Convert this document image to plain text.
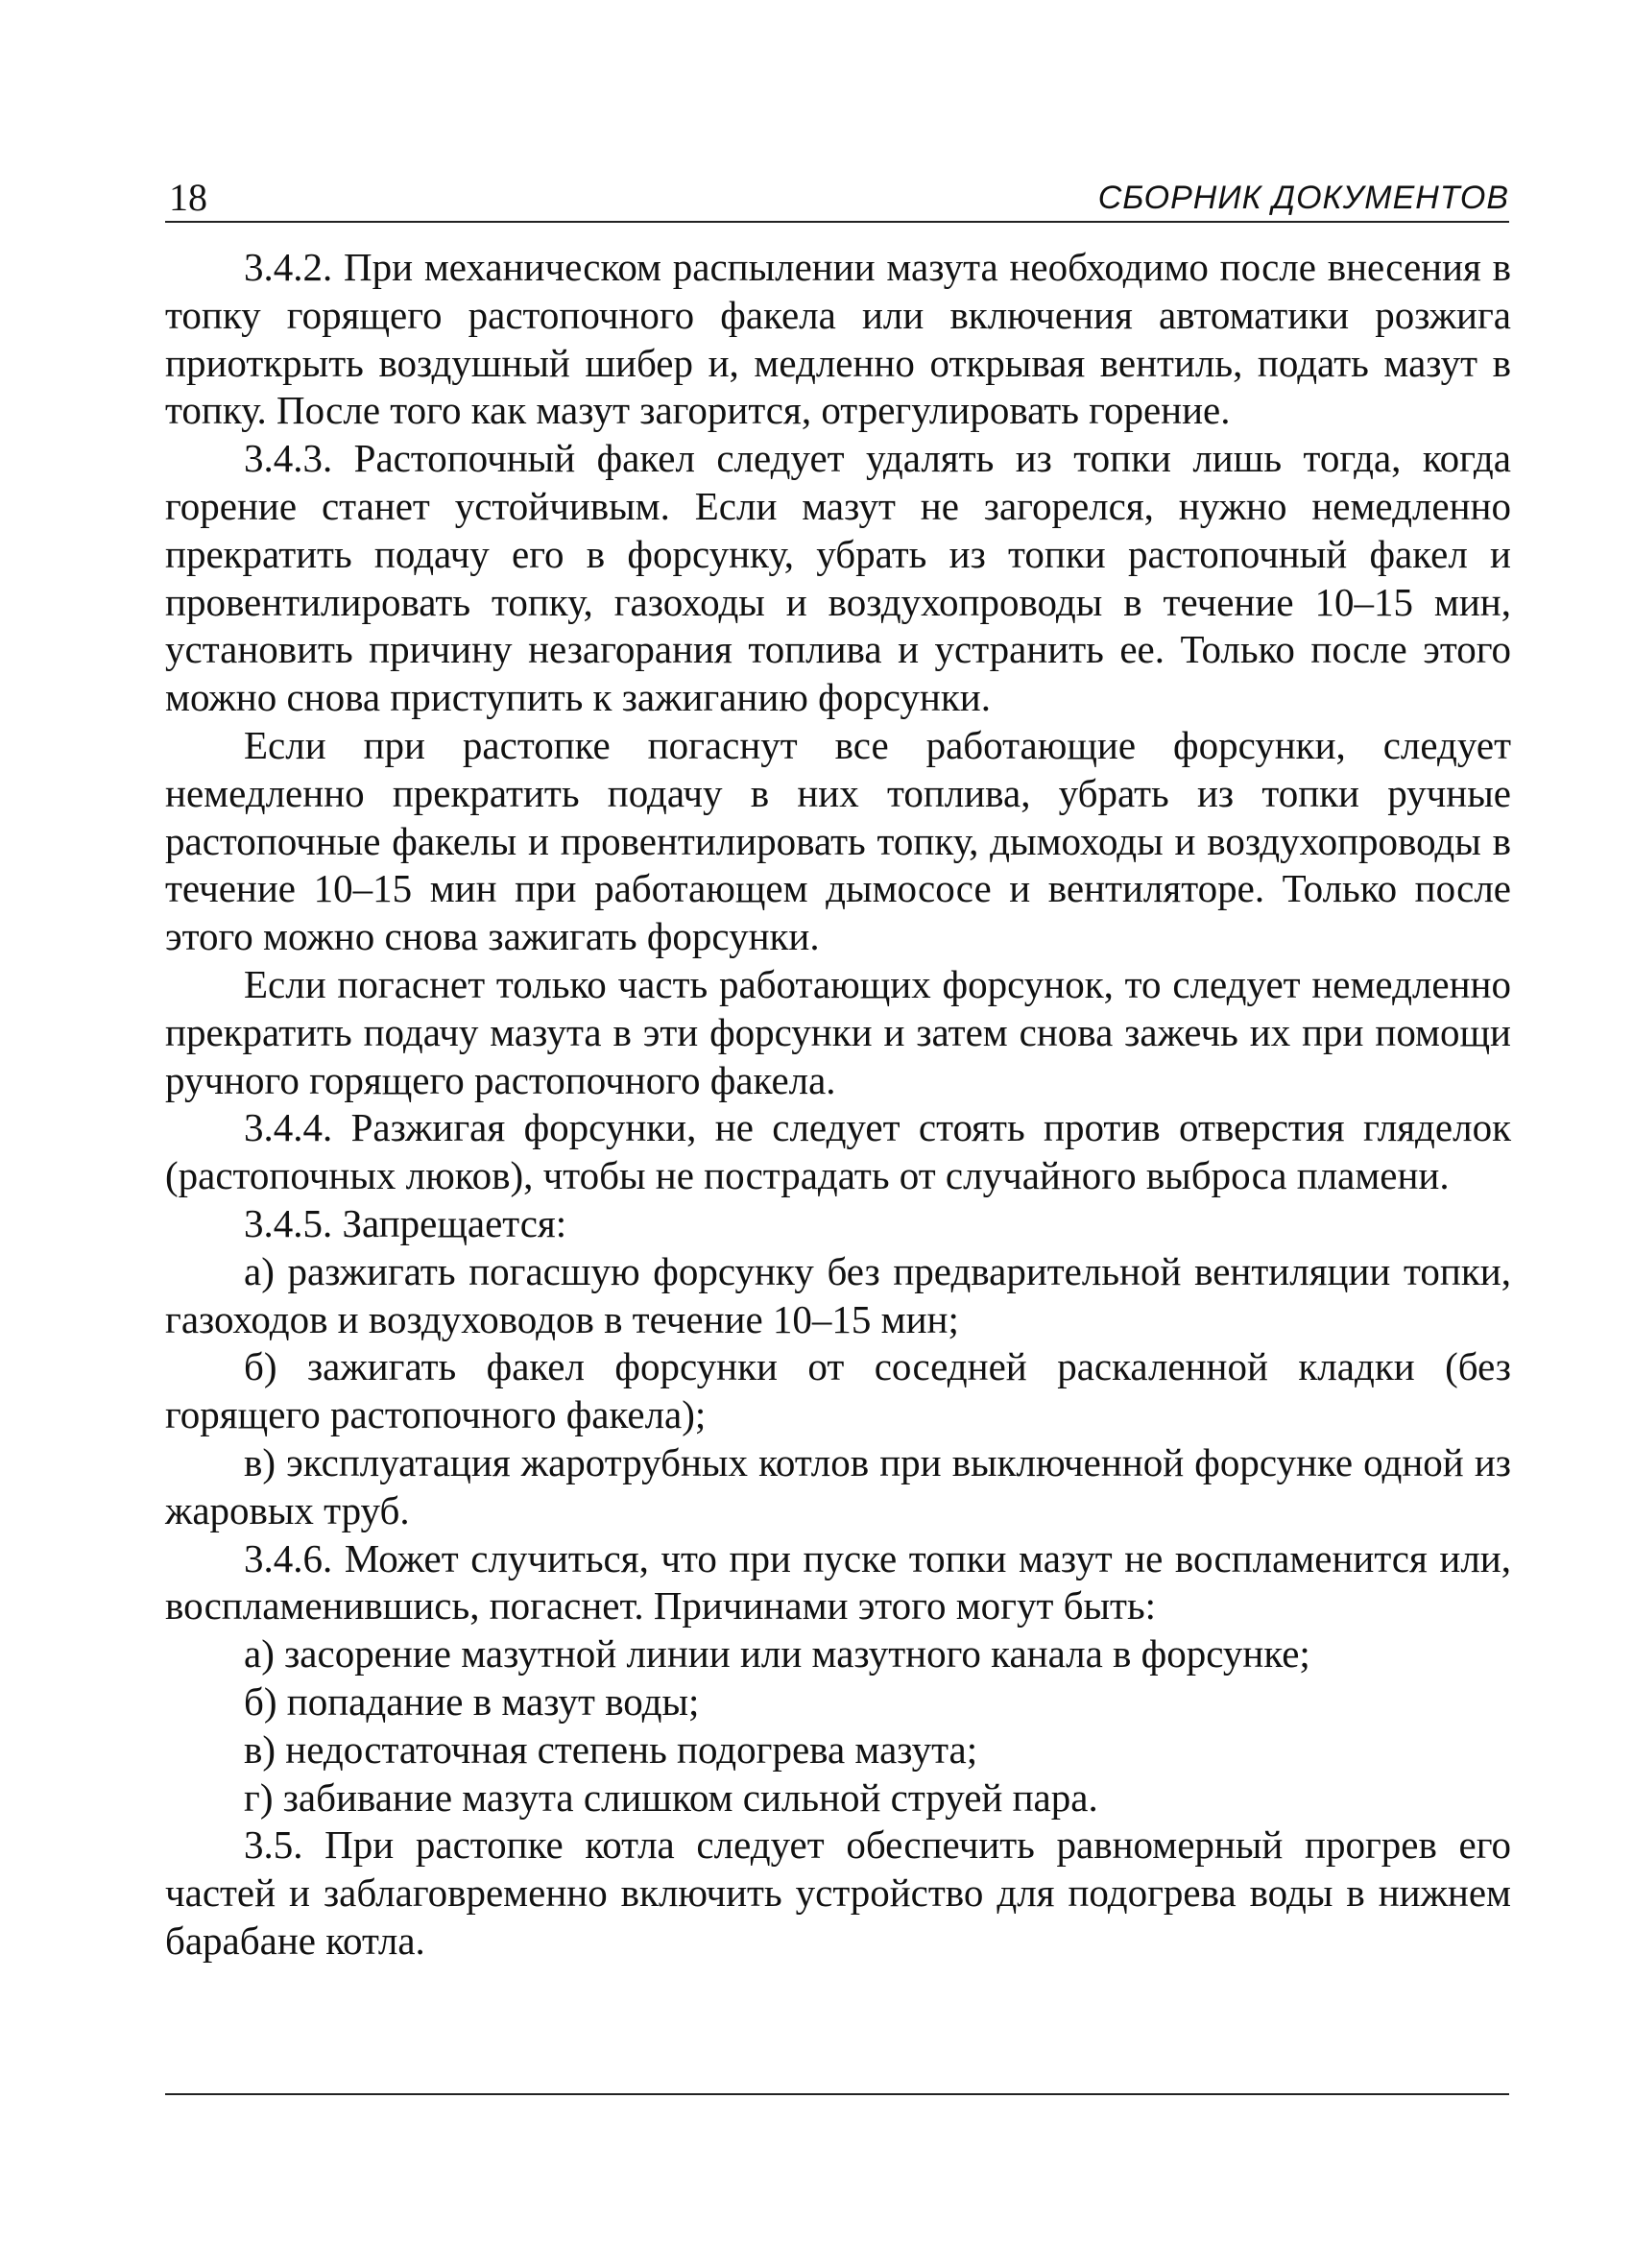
18	СБОРНИК ДОКУМЕНТОВ

3.4.2. При механическом распылении мазута необходимо после внесения в топку горящего растопочного факела или включения автоматики розжига приоткрыть воздушный шибер и, медленно открывая вентиль, подать мазут в топку. После того как мазут загорится, отрегулировать горение.

3.4.3. Растопочный факел следует удалять из топки лишь тогда, когда горение станет устойчивым. Если мазут не загорелся, нужно немедленно прекратить подачу его в форсунку, убрать из топки растопочный факел и провентилировать топку, газоходы и воздухопроводы в течение 10–15 мин, установить причину незагорания топлива и устранить ее. Только после этого можно снова приступить к зажиганию форсунки.

Если при растопке погаснут все работающие форсунки, следует немедленно прекратить подачу в них топлива, убрать из топки ручные растопочные факелы и провентилировать топку, дымоходы и воздухопроводы в течение 10–15 мин при работающем дымососе и вентиляторе. Только после этого можно снова зажигать форсунки.

Если погаснет только часть работающих форсунок, то следует немедленно прекратить подачу мазута в эти форсунки и затем снова зажечь их при помощи ручного горящего растопочного факела.

3.4.4. Разжигая форсунки, не следует стоять против отверстия гляделок (растопочных люков), чтобы не пострадать от случайного выброса пламени.

3.4.5. Запрещается:

а) разжигать погасшую форсунку без предварительной вентиляции топки, газоходов и воздуховодов в течение 10–15 мин;

б) зажигать факел форсунки от соседней раскаленной кладки (без горящего растопочного факела);

в) эксплуатация жаротрубных котлов при выключенной форсунке одной из жаровых труб.

3.4.6. Может случиться, что при пуске топки мазут не воспламенится или, воспламенившись, погаснет. Причинами этого могут быть:

а) засорение мазутной линии или мазутного канала в форсунке;

б) попадание в мазут воды;

в) недостаточная степень подогрева мазута;

г) забивание мазута слишком сильной струей пара.

3.5. При растопке котла следует обеспечить равномерный прогрев его частей и заблаговременно включить устройство для подогрева воды в нижнем барабане котла.
